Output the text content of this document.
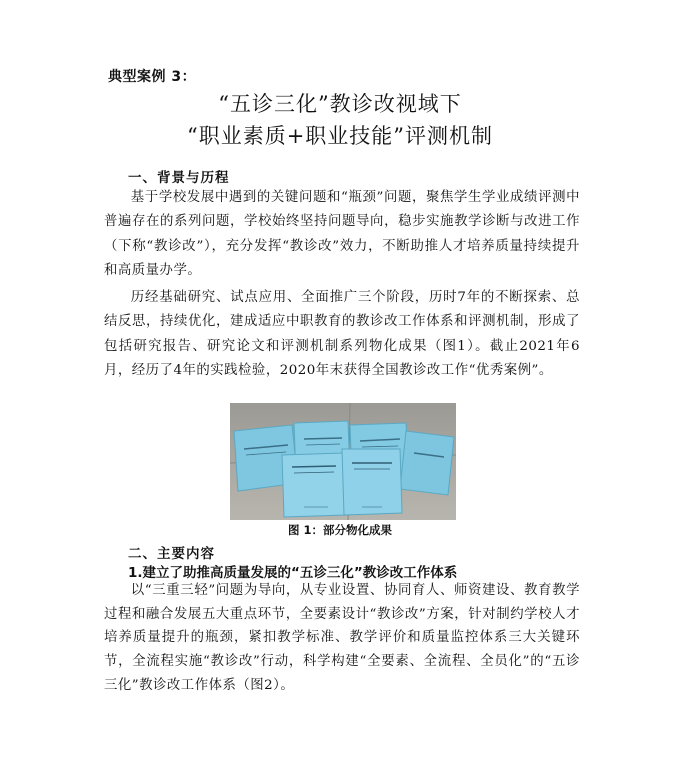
典型案例 3：
“五诊三化”教诊改视域下
“职业素质+职业技能”评测机制
一、背景与历程

基于学校发展中遇到的关键问题和“瓶颈”问题，聚焦学生学业成绩评测中普遍存在的系列问题，学校始终坚持问题导向，稳步实施教学诊断与改进工作（下称“教诊改”），充分发挥“教诊改”效力，不断助推人才培养质量持续提升和高质量办学。

历经基础研究、试点应用、全面推广三个阶段，历时7年的不断探索、总结反思，持续优化，建成适应中职教育的教诊改工作体系和评测机制，形成了包括研究报告、研究论文和评测机制系列物化成果（图1）。截止2021年6月，经历了4年的实践检验，2020年末获得全国教诊改工作“优秀案例”。

图 1：部分物化成果
二、主要内容
1.建立了助推高质量发展的“五诊三化”教诊改工作体系

以“三重三轻”问题为导向，从专业设置、协同育人、师资建设、教育教学过程和融合发展五大重点环节，全要素设计“教诊改”方案，针对制约学校人才培养质量提升的瓶颈，紧扣教学标准、教学评价和质量监控体系三大关键环节，全流程实施“教诊改”行动，科学构建“全要素、全流程、全员化”的“五诊三化”教诊改工作体系（图2）。
